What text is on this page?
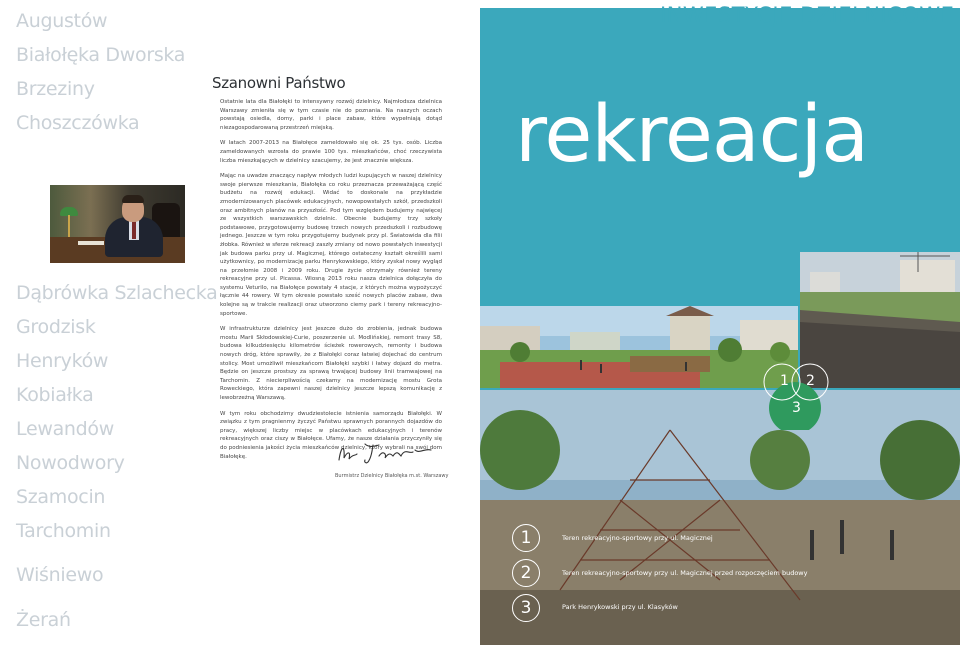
Augustów
Białołęka Dworska
Brzeziny
Choszczówka
Dąbrówka Szlachecka
Grodzisk
Henryków
Kobiałka
Lewandów
Nowodwory
Szamocin
Tarchomin
Wiśniewo
Żerań
Szanowni Państwo

Ostatnie lata dla Białołęki to intensywny rozwój dzielnicy. Najmłodsza dzielnica Warszawy zmieniła się w tym czasie nie do poznania. Na naszych oczach powstają osiedla, domy, parki i place zabaw, które wypełniają dotąd niezagospodarowaną przestrzeń miejską.

W latach 2007-2013 na Białołęce zameldowało się ok. 25 tys. osób. Liczba zameldowanych wzrosła do prawie 100 tys. mieszkańców, choć rzeczywista liczba mieszkających w dzielnicy szacujemy, że jest znacznie większa.

Mając na uwadze znaczący napływ młodych ludzi kupujących w naszej dzielnicy swoje pierwsze mieszkania, Białołęka co roku przeznacza przeważającą część budżetu na rozwój edukacji. Widać to doskonale na przykładzie zmodernizowanych placówek edukacyjnych, nowopowstałych szkół, przedszkoli oraz ambitnych planów na przyszłość. Pod tym względem budujemy najwięcej ze wszystkich warszawskich dzielnic. Obecnie budujemy trzy szkoły podstawowe, przygotowujemy budowę trzech nowych przedszkoli i rozbudowę jednego. Jeszcze w tym roku przygotujemy budynek przy pl. Światowida dla filii żłobka. Również w sferze rekreacji zaszły zmiany od nowo powstałych inwestycji jak budowa parku przy ul. Magicznej, którego ostateczny kształt określili sami użytkownicy, po modernizację parku Henrykowskiego, który zyskał nowy wygląd na przełomie 2008 i 2009 roku. Drugie życie otrzymały również tereny rekreacyjne przy ul. Picassa. Wiosną 2013 roku nasza dzielnica dołączyła do systemu Veturilo, na Białołęce powstały 4 stacje, z których można wypożyczyć łącznie 44 rowery. W tym okresie powstało sześć nowych placów zabaw, dwa kolejne są w trakcie realizacji oraz utworzono ciemy park i tereny rekreacyjno-sportowe.

W infrastrukturze dzielnicy jest jeszcze dużo do zrobienia, jednak budowa mostu Marii Skłodowskiej-Curie, poszerzenie ul. Modlińskiej, remont trasy S8, budowa kilkudziesięciu kilometrów ścieżek rowerowych, remonty i budowa nowych dróg, które sprawiły, że z Białołęki coraz łatwiej dojechać do centrum stolicy. Most umożliwił mieszkańcom Białołęki szybki i łatwy dojazd do metra. Będzie on jeszcze prostszy za sprawą trwającej budowy linii tramwajowej na Tarchomin. Z niecierpliwością czekamy na modernizację mostu Grota Roweckiego, która zapewni naszej dzielnicy jeszcze lepszą komunikację z lewobrzeżną Warszawą.

W tym roku obchodzimy dwudziestolecie istnienia samorządu Białołęki. W związku z tym pragnienmy życzyć Państwu sprawnych porannych dojazdów do pracy, większej liczby miejsc w placówkach edukacyjnych i terenów rekreacyjnych oraz ciszy w Białołęce. Ufamy, że nasze działania przyczyniły się do podniesienia jakości życia mieszkańców dzielnicy, który wybrali na swój dom Białołękę.

Burmistrz Dzielnicy Białołęka m.st. Warszawy
INWESTYCJE DZIELNICOWE
rekreacja
1 2
3
1	Teren rekreacyjno-sportowy przy ul. Magicznej
2	Teren rekreacyjno-sportowy przy ul. Magicznej przed rozpoczęciem budowy
3	Park Henrykowski przy ul. Klasyków
